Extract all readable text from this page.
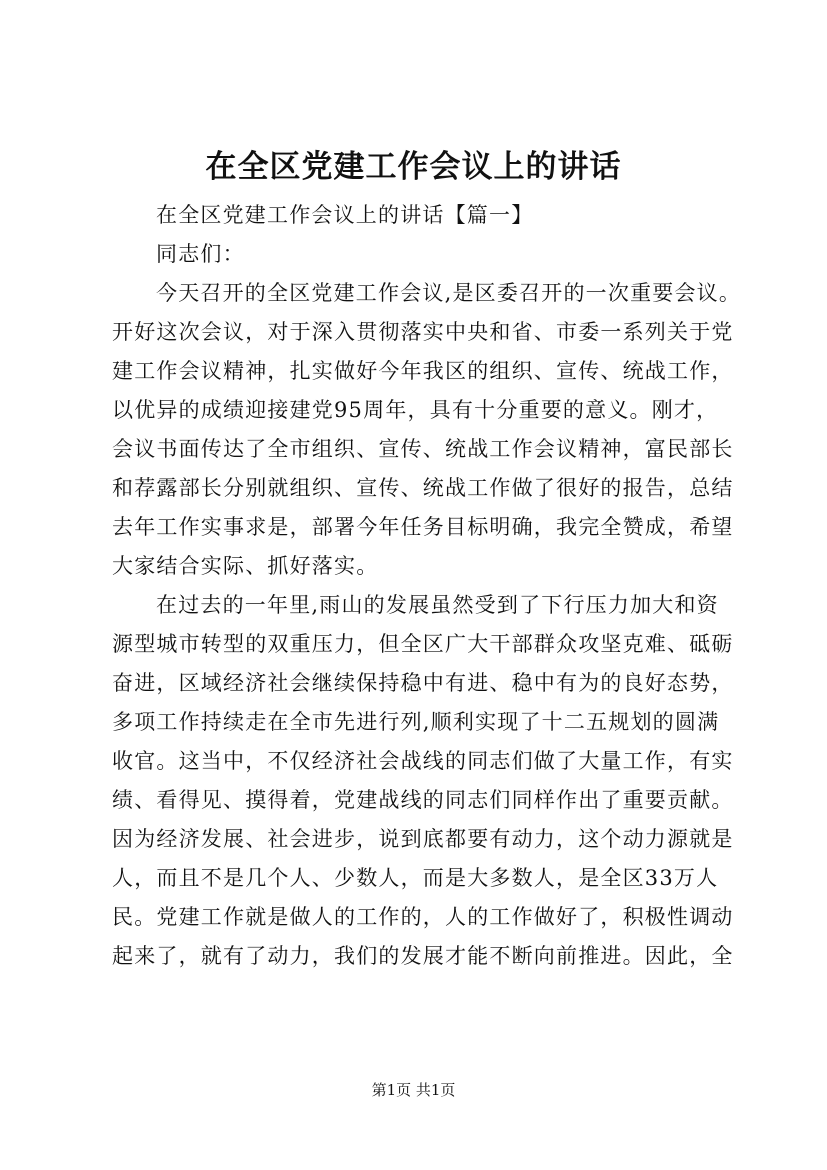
在全区党建工作会议上的讲话
在全区党建工作会议上的讲话【篇一】
同志们：
今天召开的全区党建工作会议,是区委召开的一次重要会议。
开好这次会议，对于深入贯彻落实中央和省、市委一系列关于党
建工作会议精神，扎实做好今年我区的组织、宣传、统战工作，
以优异的成绩迎接建党95周年，具有十分重要的意义。刚才，
会议书面传达了全市组织、宣传、统战工作会议精神，富民部长
和荐露部长分别就组织、宣传、统战工作做了很好的报告，总结
去年工作实事求是，部署今年任务目标明确，我完全赞成，希望
大家结合实际、抓好落实。
在过去的一年里,雨山的发展虽然受到了下行压力加大和资
源型城市转型的双重压力，但全区广大干部群众攻坚克难、砥砺
奋进，区域经济社会继续保持稳中有进、稳中有为的良好态势，
多项工作持续走在全市先进行列,顺利实现了十二五规划的圆满
收官。这当中，不仅经济社会战线的同志们做了大量工作，有实
绩、看得见、摸得着，党建战线的同志们同样作出了重要贡献。
因为经济发展、社会进步，说到底都要有动力，这个动力源就是
人，而且不是几个人、少数人，而是大多数人，是全区33万人
民。党建工作就是做人的工作的，人的工作做好了，积极性调动
起来了，就有了动力，我们的发展才能不断向前推进。因此，全
第1页 共1页
